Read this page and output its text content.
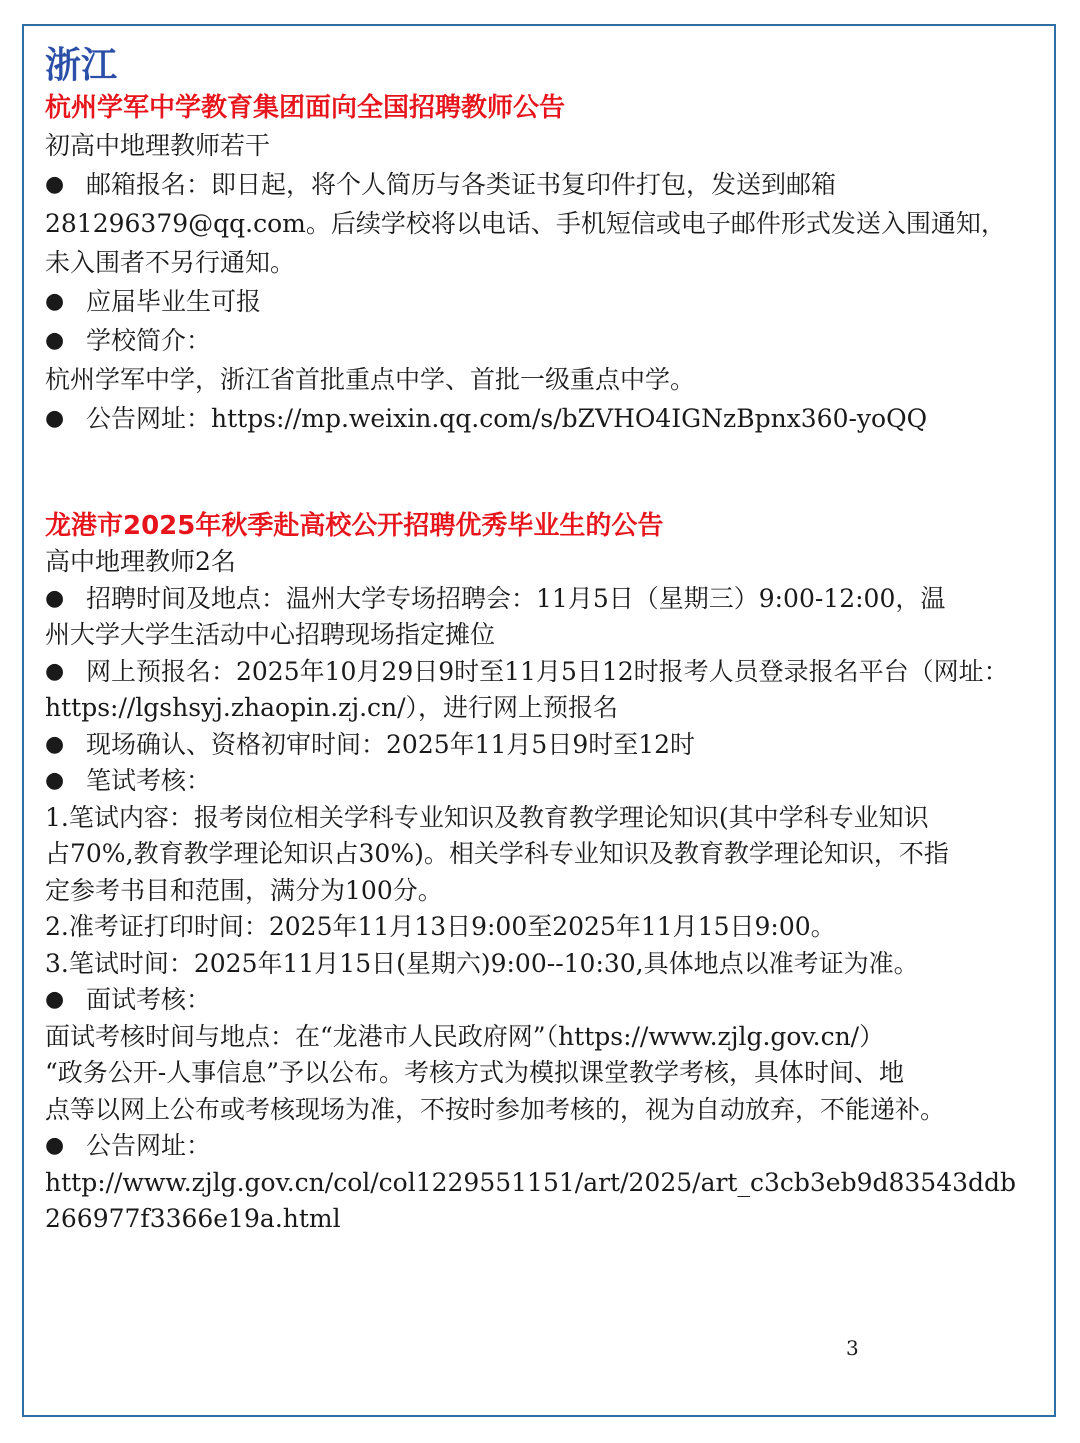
浙江

杭州学军中学教育集团面向全国招聘教师公告

初高中地理教师若干

● 邮箱报名：即日起，将个人简历与各类证书复印件打包，发送到邮箱

281296379@qq.com。后续学校将以电话、手机短信或电子邮件形式发送入围通知，

未入围者不另行通知。

● 应届毕业生可报
● 学校简介：

杭州学军中学，浙江省首批重点中学、首批一级重点中学。

● 公告网址：https://mp.weixin.qq.com/s/bZVHO4IGNzBpnx360-yoQQ

龙港市2025年秋季赴高校公开招聘优秀毕业生的公告

高中地理教师2名

● 招聘时间及地点：温州大学专场招聘会：11月5日（星期三）9:00-12:00，温

州大学大学生活动中心招聘现场指定摊位

● 网上预报名：2025年10月29日9时至11月5日12时报考人员登录报名平台（网址：

https://lgshsyj.zhaopin.zj.cn/），进行网上预报名

● 现场确认、资格初审时间：2025年11月5日9时至12时
● 笔试考核：

1.笔试内容：报考岗位相关学科专业知识及教育教学理论知识(其中学科专业知识

占70%,教育教学理论知识占30%)。相关学科专业知识及教育教学理论知识，不指

定参考书目和范围，满分为100分。

2.准考证打印时间：2025年11月13日9:00至2025年11月15日9:00。

3.笔试时间：2025年11月15日(星期六)9:00--10:30,具体地点以准考证为准。

● 面试考核：

面试考核时间与地点：在“龙港市人民政府网”（https://www.zjlg.gov.cn/）

“政务公开-人事信息”予以公布。考核方式为模拟课堂教学考核，具体时间、地

点等以网上公布或考核现场为准，不按时参加考核的，视为自动放弃，不能递补。

● 公告网址：

http://www.zjlg.gov.cn/col/col1229551151/art/2025/art_c3cb3eb9d83543ddb

266977f3366e19a.html

3
